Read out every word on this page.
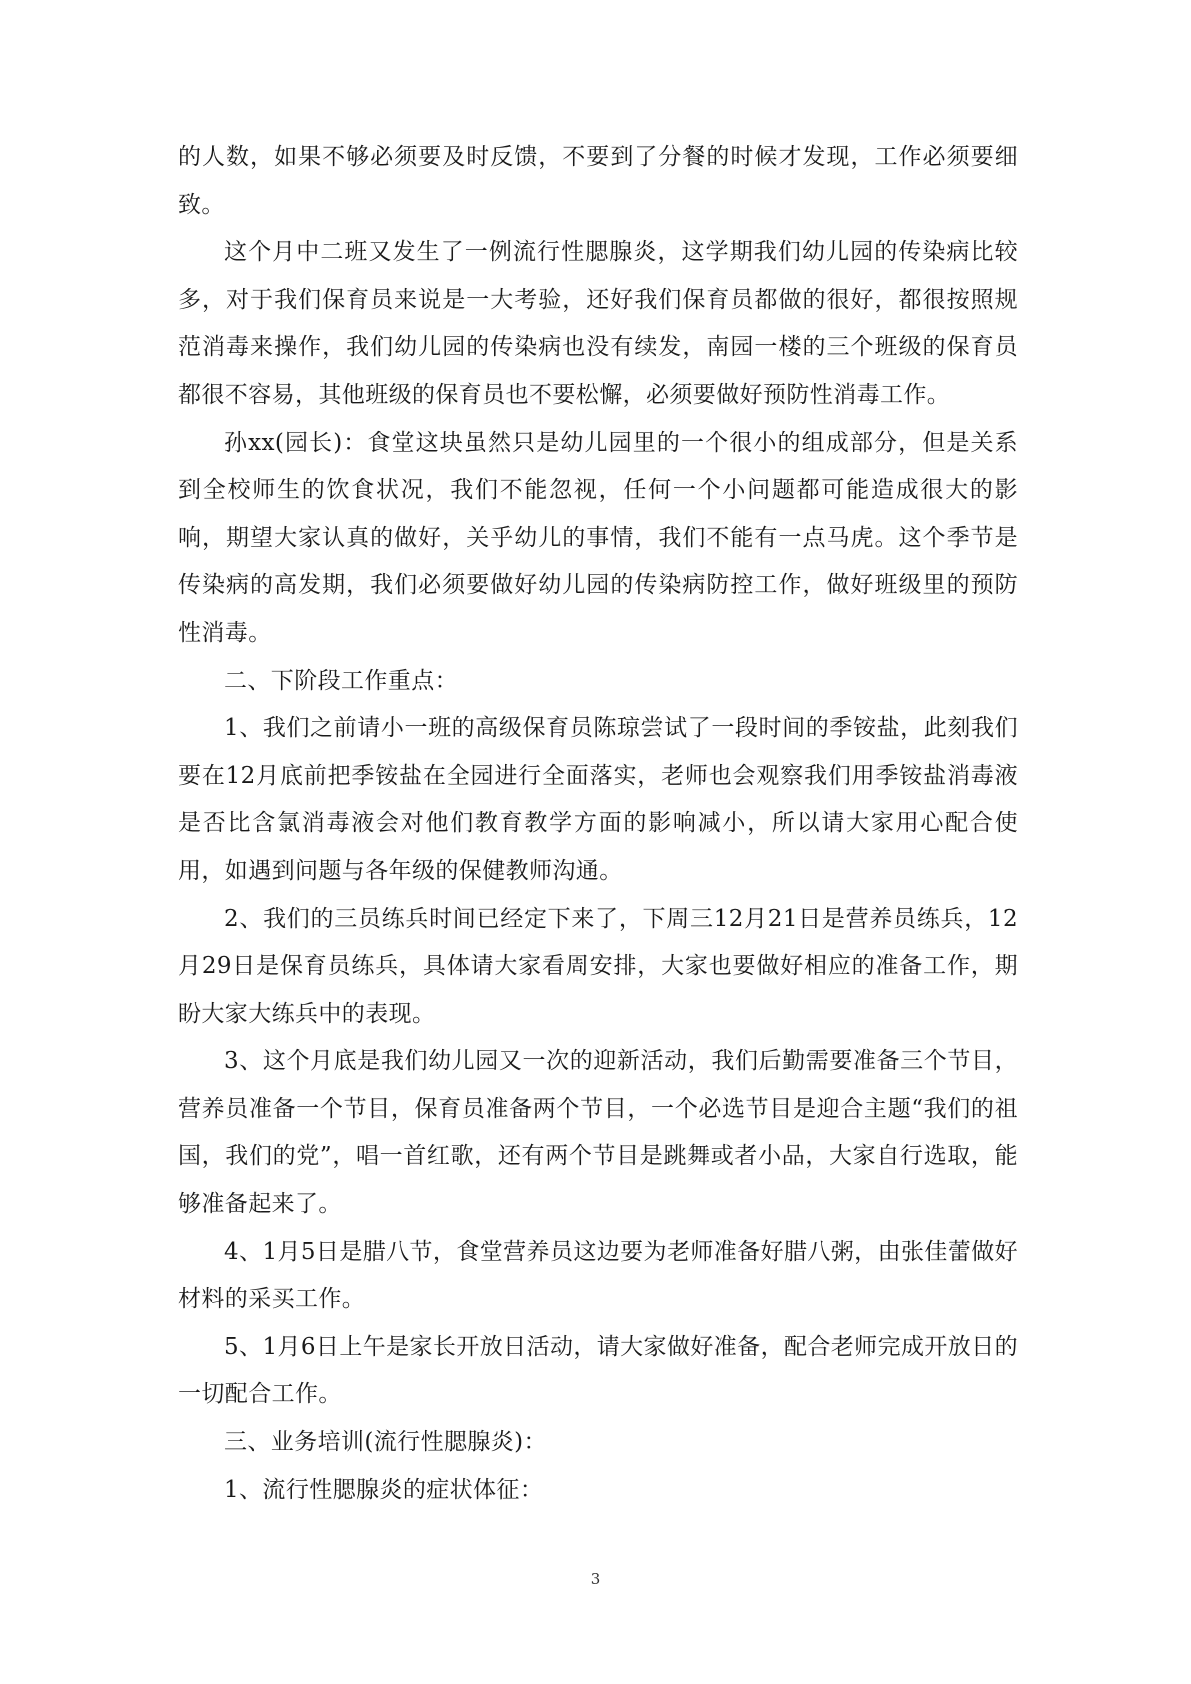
的人数，如果不够必须要及时反馈，不要到了分餐的时候才发现，工作必须要细致。

这个月中二班又发生了一例流行性腮腺炎，这学期我们幼儿园的传染病比较多，对于我们保育员来说是一大考验，还好我们保育员都做的很好，都很按照规范消毒来操作，我们幼儿园的传染病也没有续发，南园一楼的三个班级的保育员都很不容易，其他班级的保育员也不要松懈，必须要做好预防性消毒工作。

孙xx(园长)：食堂这块虽然只是幼儿园里的一个很小的组成部分，但是关系到全校师生的饮食状况，我们不能忽视，任何一个小问题都可能造成很大的影响，期望大家认真的做好，关乎幼儿的事情，我们不能有一点马虎。这个季节是传染病的高发期，我们必须要做好幼儿园的传染病防控工作，做好班级里的预防性消毒。

二、下阶段工作重点：

1、我们之前请小一班的高级保育员陈琼尝试了一段时间的季铵盐，此刻我们要在12月底前把季铵盐在全园进行全面落实，老师也会观察我们用季铵盐消毒液是否比含氯消毒液会对他们教育教学方面的影响减小，所以请大家用心配合使用，如遇到问题与各年级的保健教师沟通。

2、我们的三员练兵时间已经定下来了，下周三12月21日是营养员练兵，12月29日是保育员练兵，具体请大家看周安排，大家也要做好相应的准备工作，期盼大家大练兵中的表现。

3、这个月底是我们幼儿园又一次的迎新活动，我们后勤需要准备三个节目，营养员准备一个节目，保育员准备两个节目，一个必选节目是迎合主题“我们的祖国，我们的党”，唱一首红歌，还有两个节目是跳舞或者小品，大家自行选取，能够准备起来了。

4、1月5日是腊八节，食堂营养员这边要为老师准备好腊八粥，由张佳蕾做好材料的采买工作。

5、1月6日上午是家长开放日活动，请大家做好准备，配合老师完成开放日的一切配合工作。

三、业务培训(流行性腮腺炎)：

1、流行性腮腺炎的症状体征：

3
